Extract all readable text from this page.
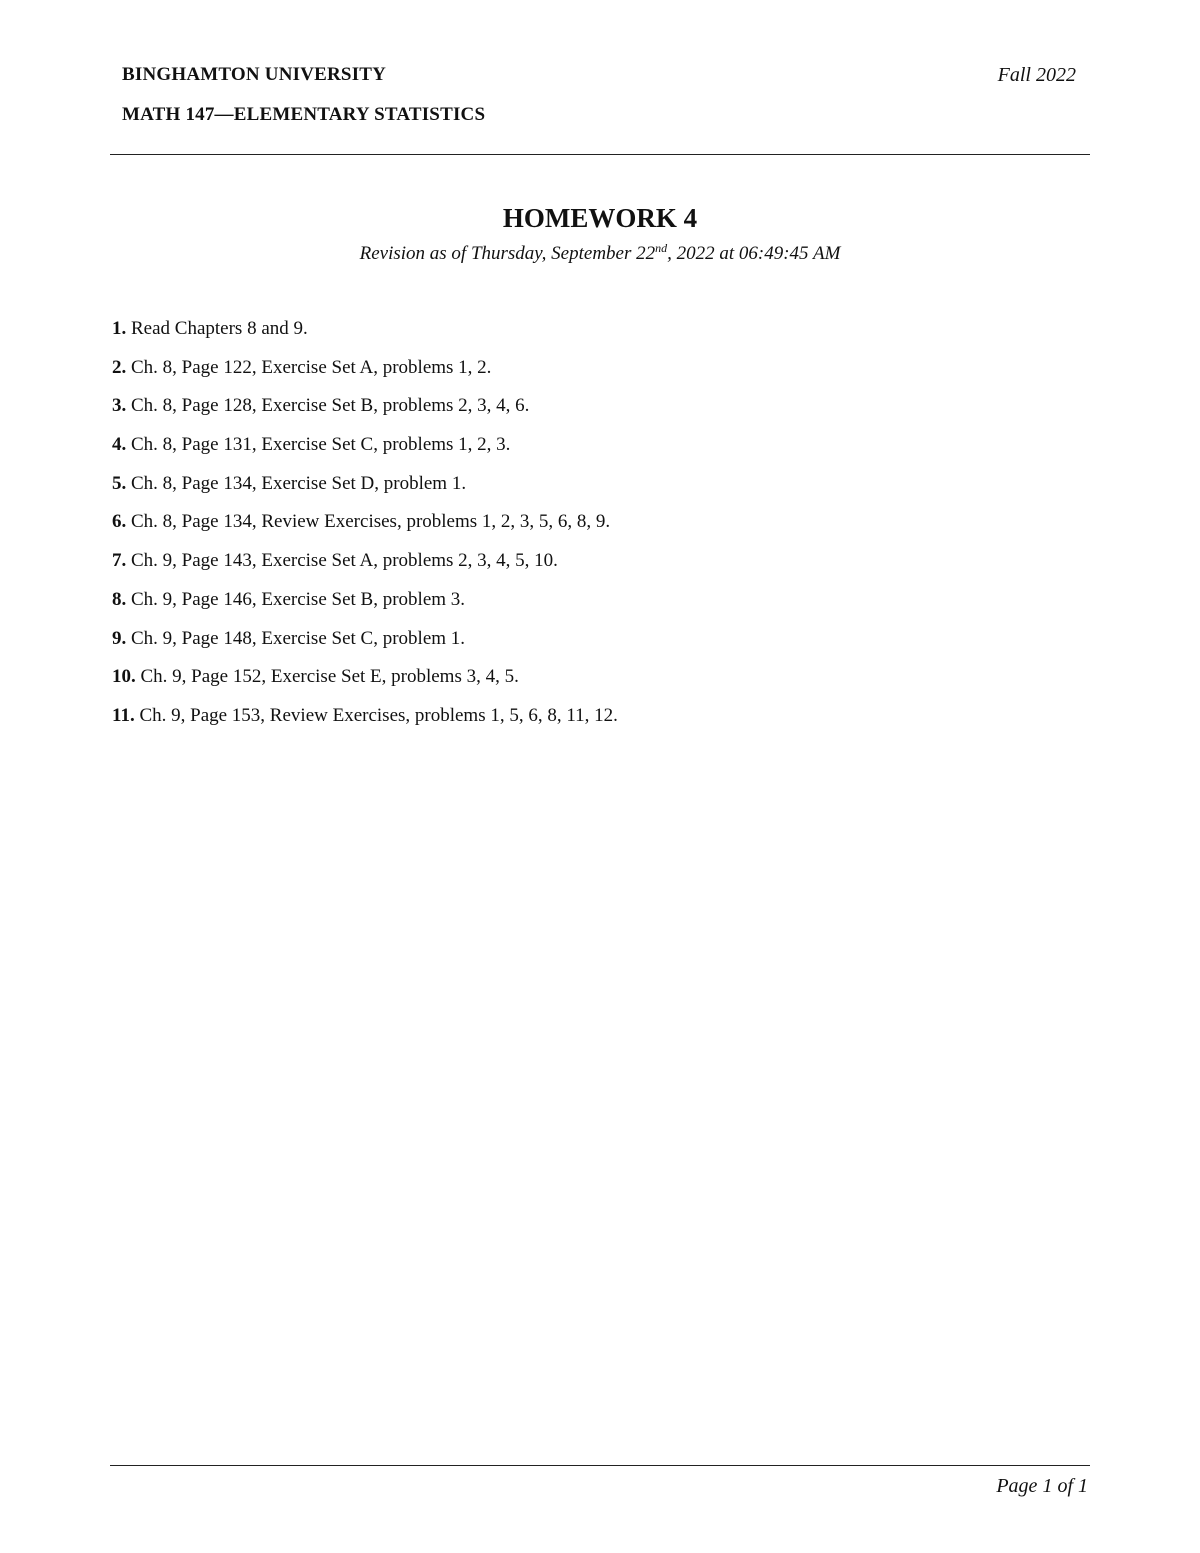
BINGHAMTON UNIVERSITY
MATH 147—ELEMENTARY STATISTICS
Fall 2022
HOMEWORK 4
Revision as of Thursday, September 22nd, 2022 at 06:49:45 AM
1. Read Chapters 8 and 9.
2. Ch. 8, Page 122, Exercise Set A, problems 1, 2.
3. Ch. 8, Page 128, Exercise Set B, problems 2, 3, 4, 6.
4. Ch. 8, Page 131, Exercise Set C, problems 1, 2, 3.
5. Ch. 8, Page 134, Exercise Set D, problem 1.
6. Ch. 8, Page 134, Review Exercises, problems 1, 2, 3, 5, 6, 8, 9.
7. Ch. 9, Page 143, Exercise Set A, problems 2, 3, 4, 5, 10.
8. Ch. 9, Page 146, Exercise Set B, problem 3.
9. Ch. 9, Page 148, Exercise Set C, problem 1.
10. Ch. 9, Page 152, Exercise Set E, problems 3, 4, 5.
11. Ch. 9, Page 153, Review Exercises, problems 1, 5, 6, 8, 11, 12.
Page 1 of 1
